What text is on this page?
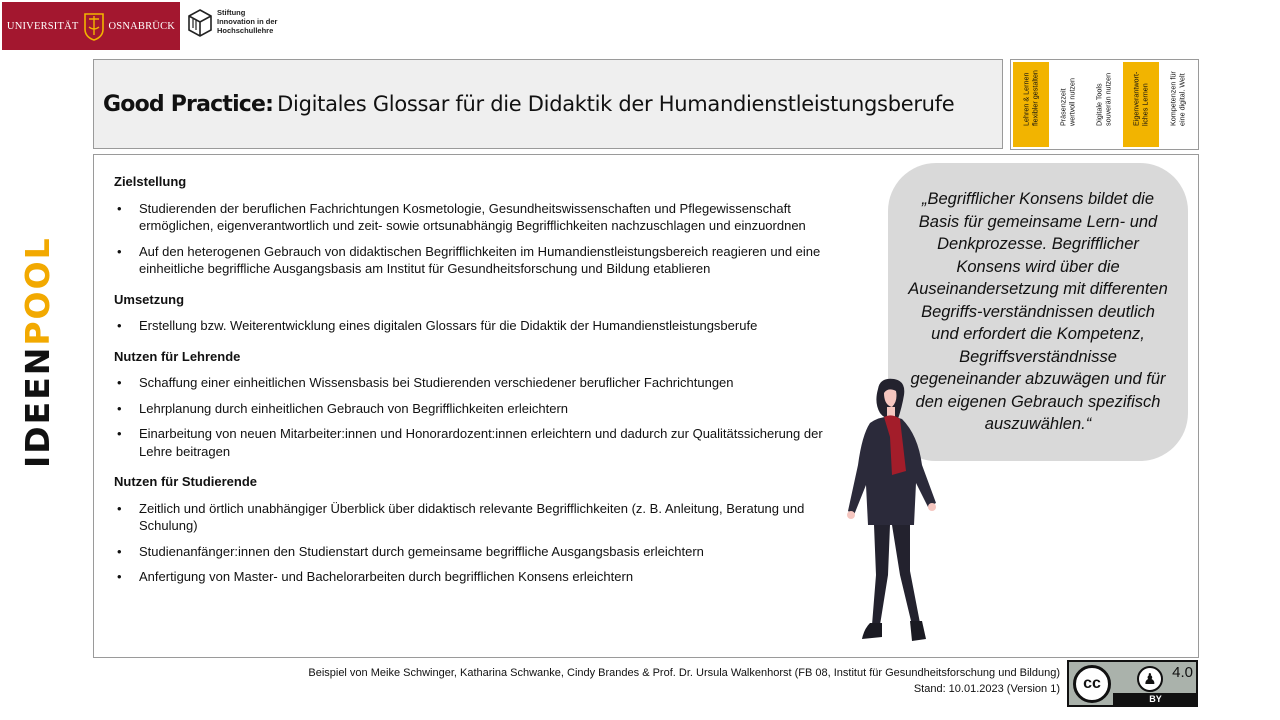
UNIVERSITÄT	OSNABRÜCK
Stiftung
Innovation in der
Hochschullehre
IDEENPOOL
Good Practice: Digitales Glossar für die Didaktik der Humandienstleistungsberufe	Lehren & Lernen
flexibler gestalten
Präsenzzeit
wertvoll nutzen
Digitale Tools
souverän nutzen	Eigenverantwort-
liches Lernen	Kompetenzen für
eine digital. Welt
Zielstellung
• Studierenden der beruflichen Fachrichtungen Kosmetologie, Gesundheitswissenschaften und Pflegewissenschaft ermöglichen, eigenverantwortlich und zeit- sowie ortsunabhängig Begrifflichkeiten nachzuschlagen und einzuordnen
• Auf den heterogenen Gebrauch von didaktischen Begrifflichkeiten im Humandienstleistungsbereich reagieren und eine einheitliche begriffliche Ausgangsbasis am Institut für Gesundheitsforschung und Bildung etablieren
Umsetzung
• Erstellung bzw. Weiterentwicklung eines digitalen Glossars für die Didaktik der Humandienstleistungsberufe
Nutzen für Lehrende
• Schaffung einer einheitlichen Wissensbasis bei Studierenden verschiedener beruflicher Fachrichtungen
• Lehrplanung durch einheitlichen Gebrauch von Begrifflichkeiten erleichtern
• Einarbeitung von neuen Mitarbeiter:innen und Honorardozent:innen erleichtern und dadurch zur Qualitätssicherung der Lehre beitragen
Nutzen für Studierende
• Zeitlich und örtlich unabhängiger Überblick über didaktisch relevante Begrifflichkeiten (z. B. Anleitung, Beratung und Schulung)
• Studienanfänger:innen den Studienstart durch gemeinsame begriffliche Ausgangsbasis erleichtern
• Anfertigung von Master- und Bachelorarbeiten durch begrifflichen Konsens erleichtern
„Begrifflicher Konsens bildet die Basis für gemeinsame Lern- und Denkprozesse. Begrifflicher Konsens wird über die Auseinandersetzung mit differenten Begriffs-verständnissen deutlich und erfordert die Kompetenz, Begriffsverständnisse gegeneinander abzuwägen und für den eigenen Gebrauch spezifisch auszuwählen.“
Beispiel von Meike Schwinger, Katharina Schwanke, Cindy Brandes & Prof. Dr. Ursula Walkenhorst (FB 08, Institut für Gesundheitsforschung und Bildung)
Stand: 10.01.2023 (Version 1) cc	♟
BY
4.0
